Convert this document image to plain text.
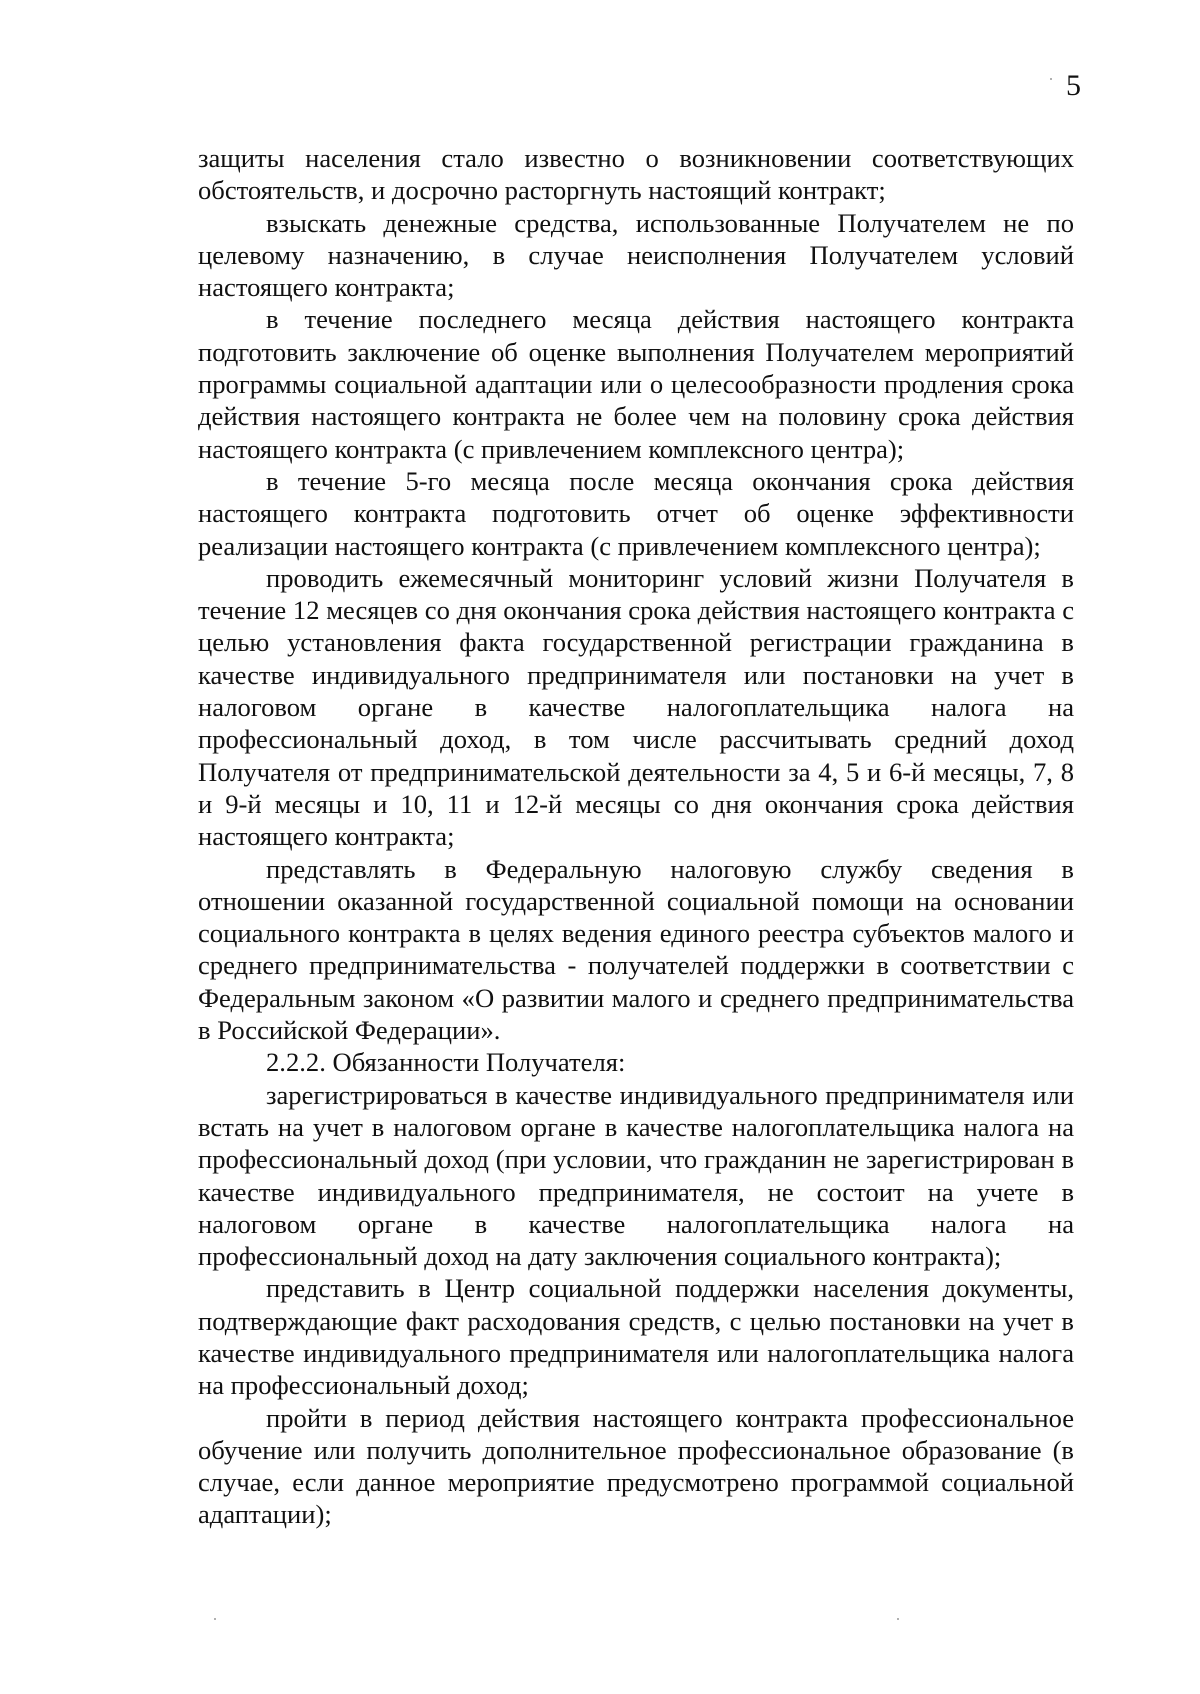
5

защиты населения стало известно о возникновении соответствующих обстоятельств, и досрочно расторгнуть настоящий контракт;

взыскать денежные средства, использованные Получателем не по целевому назначению, в случае неисполнения Получателем условий настоящего контракта;

в течение последнего месяца действия настоящего контракта подготовить заключение об оценке выполнения Получателем мероприятий программы социальной адаптации или о целесообразности продления срока действия настоящего контракта не более чем на половину срока действия настоящего контракта (с привлечением комплексного центра);

в течение 5-го месяца после месяца окончания срока действия настоящего контракта подготовить отчет об оценке эффективности реализации настоящего контракта (с привлечением комплексного центра);

проводить ежемесячный мониторинг условий жизни Получателя в течение 12 месяцев со дня окончания срока действия настоящего контракта с целью установления факта государственной регистрации гражданина в качестве индивидуального предпринимателя или постановки на учет в налоговом органе в качестве налогоплательщика налога на профессиональный доход, в том числе рассчитывать средний доход Получателя от предпринимательской деятельности за 4, 5 и 6-й месяцы, 7, 8 и 9-й месяцы и 10, 11 и 12-й месяцы со дня окончания срока действия настоящего контракта;

представлять в Федеральную налоговую службу сведения в отношении оказанной государственной социальной помощи на основании социального контракта в целях ведения единого реестра субъектов малого и среднего предпринимательства - получателей поддержки в соответствии с Федеральным законом «О развитии малого и среднего предпринимательства в Российской Федерации».

2.2.2. Обязанности Получателя:

зарегистрироваться в качестве индивидуального предпринимателя или встать на учет в налоговом органе в качестве налогоплательщика налога на профессиональный доход (при условии, что гражданин не зарегистрирован в качестве индивидуального предпринимателя, не состоит на учете в налоговом органе в качестве налогоплательщика налога на профессиональный доход на дату заключения социального контракта);

представить в Центр социальной поддержки населения документы, подтверждающие факт расходования средств, с целью постановки на учет в качестве индивидуального предпринимателя или налогоплательщика налога на профессиональный доход;

пройти в период действия настоящего контракта профессиональное обучение или получить дополнительное профессиональное образование (в случае, если данное мероприятие предусмотрено программой социальной адаптации);
